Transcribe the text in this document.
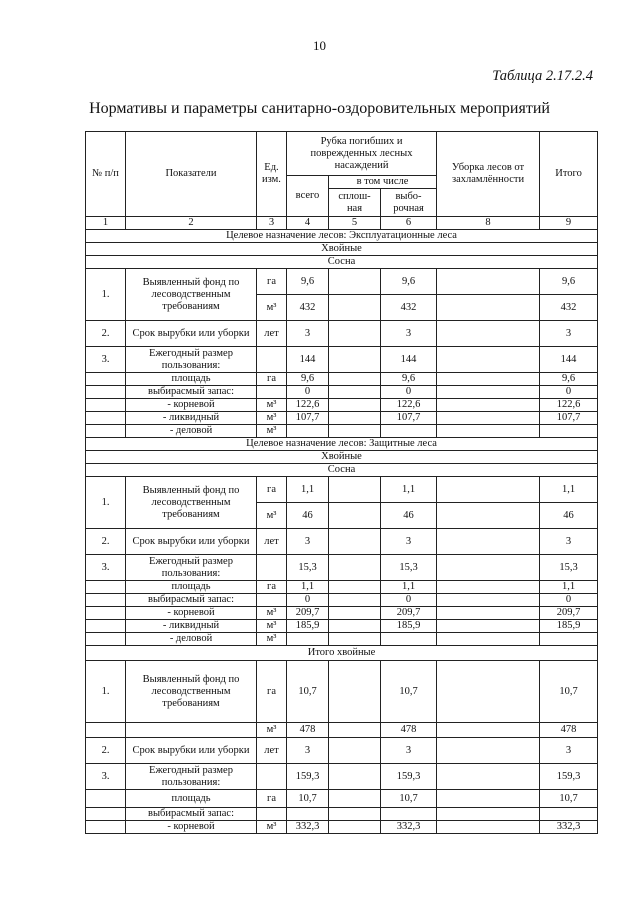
10
Таблица 2.17.2.4
Нормативы и параметры санитарно-оздоровительных мероприятий
№ п/п	Показатели	Ед. изм.	Рубка погибших и поврежденных лесных насаждений			Уборка лесов от захламлённости	Итого
			всего	в том числе			
				сплош-ная	выбо-рочная		

1	2	3	4	5	6	8	9
Целевое назначение лесов: Эксплуатационные леса							
Хвойные							
Сосна							
1.	Выявленный фонд по лесоводственным требованиям	га	9,6		9,6		9,6
		м³	432		432		432
2.	Срок вырубки или уборки	лет	3		3		3
3.	Ежегодный размер пользования:		144		144		144
	площадь	га	9,6		9,6		9,6
	выбирасмый запас:		0		0		0
	- корневой	м³	122,6		122,6		122,6
	- ликвидный	м³	107,7		107,7		107,7
	- деловой	м³					
Целевое назначение лесов: Защитные леса							
Хвойные							
Сосна							
1.	Выявленный фонд по лесоводственным требованиям	га	1,1		1,1		1,1
		м³	46		46		46
2.	Срок вырубки или уборки	лет	3		3		3
3.	Ежегодный размер пользования:		15,3		15,3		15,3
	площадь	га	1,1		1,1		1,1
	выбирасмый запас:		0		0		0
	- корневой	м³	209,7		209,7		209,7
	- ликвидный	м³	185,9		185,9		185,9
	- деловой	м³					
Итого хвойные							
1.	Выявленный фонд по лесоводственным требованиям	га	10,7		10,7		10,7
		м³	478		478		478
2.	Срок вырубки или уборки	лет	3		3		3
3.	Ежегодный размер пользования:		159,3		159,3		159,3
	площадь	га	10,7		10,7		10,7
	выбирасмый запас:						
	- корневой	м³	332,3		332,3		332,3
